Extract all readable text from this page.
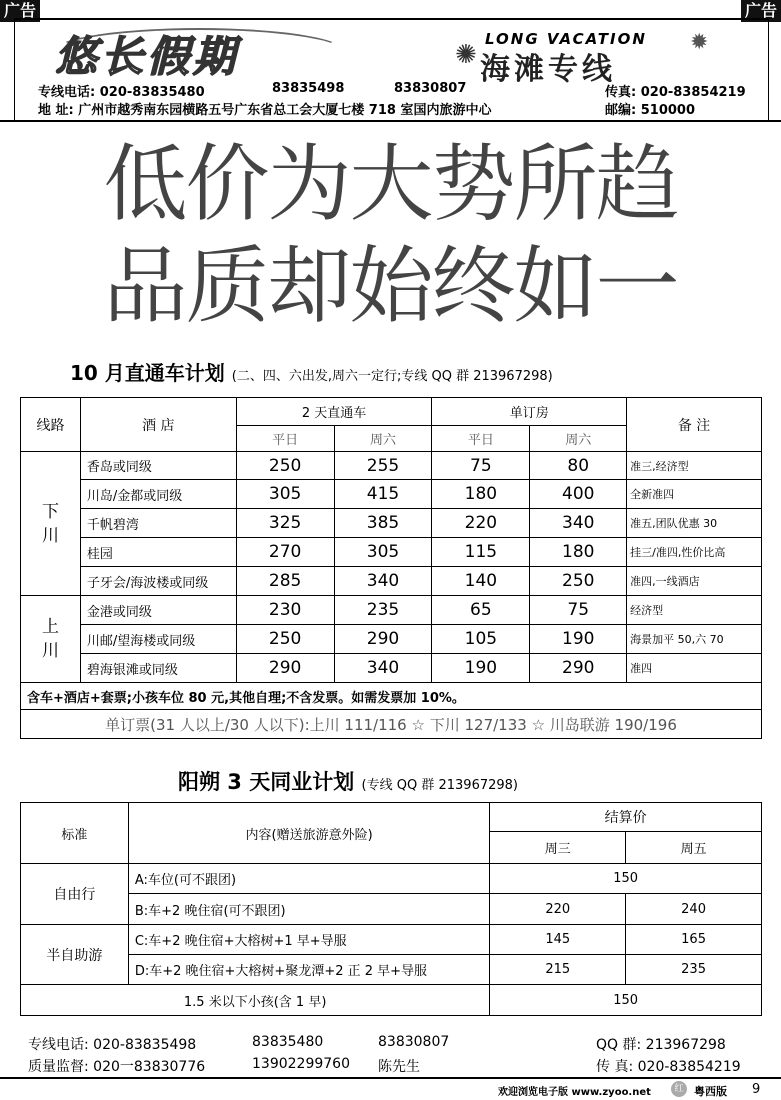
广告	广告
悠长假期	LONG VACATION
✺	✹
海滩专线
专线电话: 020-83835480	83835498	83830807	传真: 020-83854219
地 址: 广州市越秀南东园横路五号广东省总工会大厦七楼 718 室国内旅游中心	邮编: 510000
低价为大势所趋
品质却始终如一
10 月直通车计划 (二、四、六出发,周六一定行;专线 QQ 群 213967298)
线路	酒 店	2 天直通车		单订房		备 注
		平日	周六	平日	周六	

下川	香岛或同级	250	255	75	80	准三,经济型
	川岛/金都或同级	305	415	180	400	全新准四
	千帆碧湾	325	385	220	340	准五,团队优惠 30
	桂园	270	305	115	180	挂三/准四,性价比高
	子牙会/海波楼或同级	285	340	140	250	准四,一线酒店

上川	金港或同级	230	235	65	75	经济型
	川邮/望海楼或同级	250	290	105	190	海景加平 50,六 70
	碧海银滩或同级	290	340	190	290	准四
含车+酒店+套票;小孩车位 80 元,其他自理;不含发票。如需发票加 10%。						
单订票(31 人以上/30 人以下):上川 111/116 ☆ 下川 127/133 ☆ 川岛联游 190/196						
阳朔 3 天同业计划 (专线 QQ 群 213967298)
标准	内容(赠送旅游意外险)	结算价	
		周三	周五
自由行	A:车位(可不跟团)	150	
	B:车+2 晚住宿(可不跟团)	220	240
半自助游	C:车+2 晚住宿+大榕树+1 早+导服	145	165
	D:车+2 晚住宿+大榕树+聚龙潭+2 正 2 早+导服	215	235
1.5 米以下小孩(含 1 早)		150	
专线电话: 020-83835498	83835480	83830807	QQ 群: 213967298
质量监督: 020一83830776	13902299760 陈先生	传 真: 020-83854219
欢迎浏览电子版 www.zyoo.net	红 粤西版 9
